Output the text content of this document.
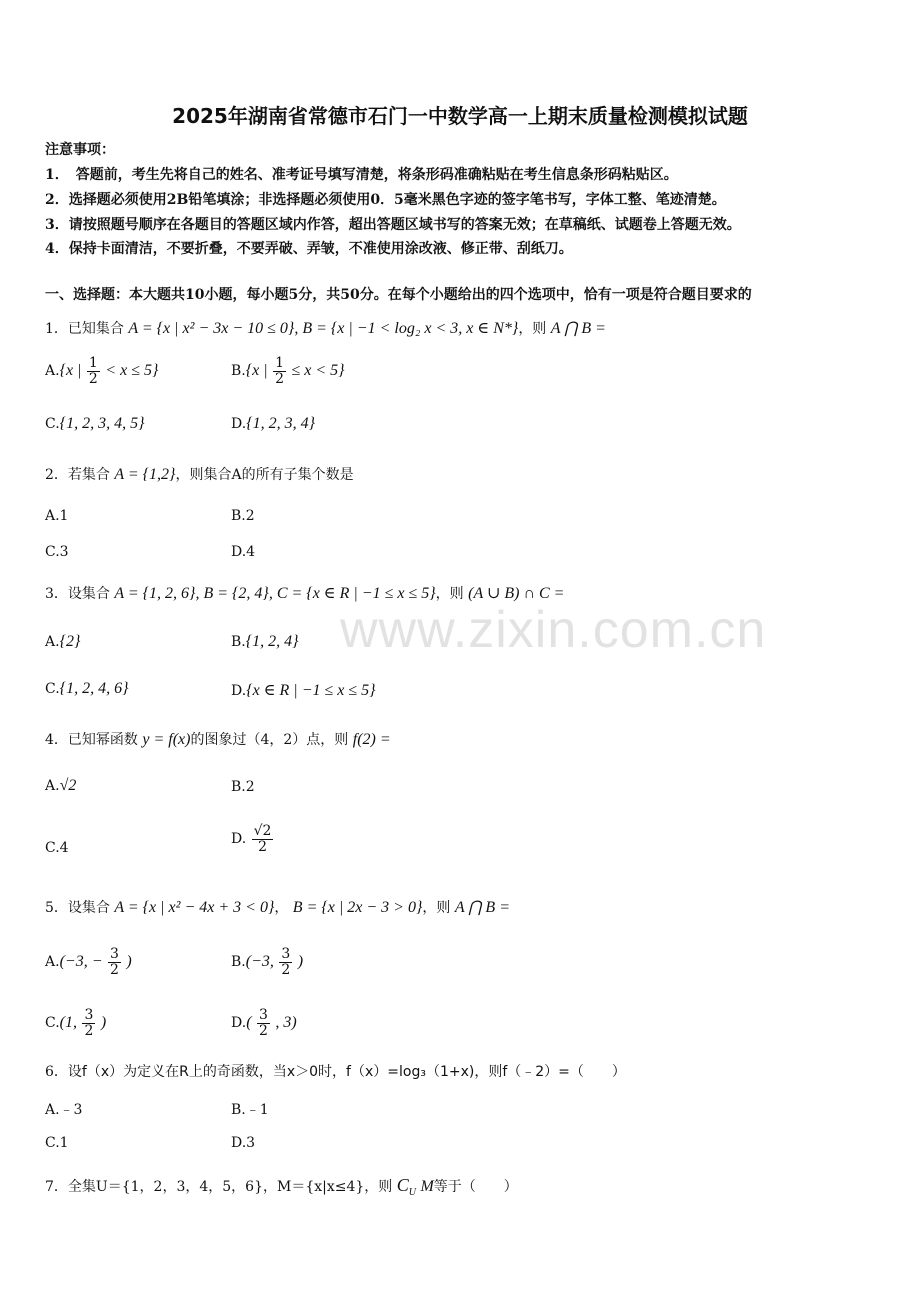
2025年湖南省常德市石门一中数学高一上期末质量检测模拟试题
注意事项：
1．　答题前，考生先将自己的姓名、准考证号填写清楚，将条形码准确粘贴在考生信息条形码粘贴区。
2．选择题必须使用2B铅笔填涂；非选择题必须使用0．5毫米黑色字迹的签字笔书写，字体工整、笔迹清楚。
3．请按照题号顺序在各题目的答题区域内作答，超出答题区域书写的答案无效；在草稿纸、试题卷上答题无效。
4．保持卡面清洁，不要折叠，不要弄破、弄皱，不准使用涂改液、修正带、刮纸刀。
一、选择题：本大题共10小题，每小题5分，共50分。在每个小题给出的四个选项中，恰有一项是符合题目要求的
www.zixin.com.cn
1．已知集合 A = {x | x² − 3x − 10 ≤ 0}, B = {x | −1 < log₂ x < 3, x ∈ N*}，则 A ⋂ B =
A.{x | $\frac{1}{2} < x \le 5$}	B.{x | $\frac{1}{2} \le x < 5$}
C.{1, 2, 3, 4, 5}	D.{1, 2, 3, 4}
2．若集合 A = {1,2}，则集合A的所有子集个数是
A.1	B.2
C.3	D.4
3．设集合 A = {1, 2, 6}, B = {2, 4}, C = {x ∈ R | −1 ≤ x ≤ 5}，则 (A ∪ B) ∩ C =
A.{2}	B.{1, 2, 4}
C.{1, 2, 4, 6}	D.{x ∈ R | −1 ≤ x ≤ 5}
4．已知幂函数 y = f(x)的图象过（4，2）点，则 f(2) =
A.√2	B.2
C.4
D. $\frac{√2}{2}$
5．设集合 A = {x | x² − 4x + 3 < 0}， B = {x | 2x − 3 > 0}，则 A ⋂ B =
A.(−3, − $\frac{3}{2}$ )	B.(−3, $\frac{3}{2}$ )
C.(1, $\frac{3}{2}$ )	$D.( \frac{3}{2}$ , 3)
6．设f（x）为定义在R上的奇函数，当x＞0时，f（x）=log₃（1+x)，则f（﹣2）=（　　）
A.﹣3	B.﹣1
C.1	D.3
7．全集U＝{1，2，3，4，5，6}，M＝{x|x≤4}，则 $C_U$ M等于（　　）
